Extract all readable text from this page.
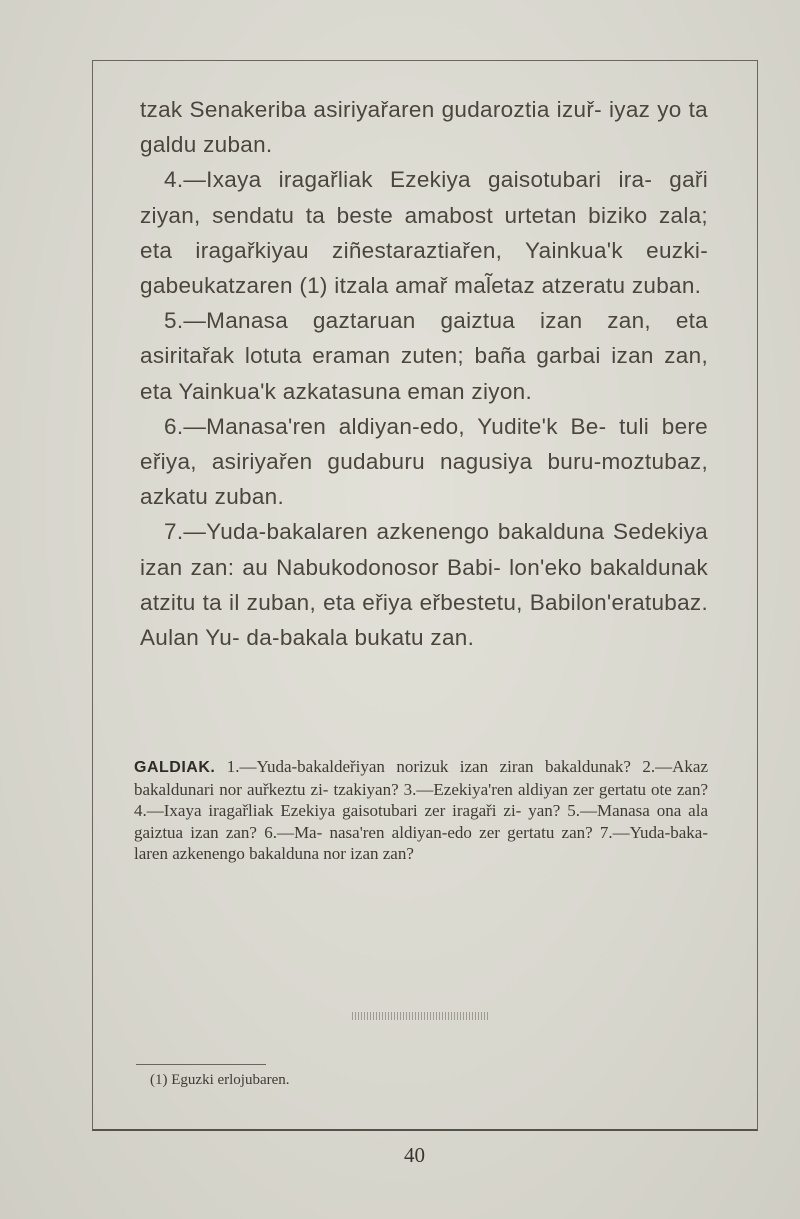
tzak Senakeriba asiriyařaren gudaroztia izuř- iyaz yo ta galdu zuban.

4.—Ixaya iragařliak Ezekiya gaisotubari ira- gaři ziyan, sendatu ta beste amabost urtetan biziko zala; eta iragařkiyau ziñestaraztiařen, Yainkua'k euzki-gabeukatzaren (1) itzala amař mal̃etaz atzeratu zuban.

5.—Manasa gaztaruan gaiztua izan zan, eta asiritařak lotuta eraman zuten; baña garbai izan zan, eta Yainkua'k azkatasuna eman ziyon.

6.—Manasa'ren aldiyan-edo, Yudite'k Be- tuli bere eřiya, asiriyařen gudaburu nagusiya buru-moztubaz, azkatu zuban.

7.—Yuda-bakalaren azkenengo bakalduna Sedekiya izan zan: au Nabukodonosor Babi- lon'eko bakaldunak atzitu ta il zuban, eta eřiya eřbestetu, Babilon'eratubaz. Aulan Yu- da-bakala bukatu zan.

GALDIAK. 1.—Yuda-bakaldeřiyan norizuk izan ziran bakaldunak? 2.—Akaz bakaldunari nor auřkeztu zi- tzakiyan? 3.—Ezekiya'ren aldiyan zer gertatu ote zan? 4.—Ixaya iragařliak Ezekiya gaisotubari zer iragaři zi- yan? 5.—Manasa ona ala gaiztua izan zan? 6.—Ma- nasa'ren aldiyan-edo zer gertatu zan? 7.—Yuda-baka- laren azkenengo bakalduna nor izan zan?
(1) Eguzki erlojubaren.
40
